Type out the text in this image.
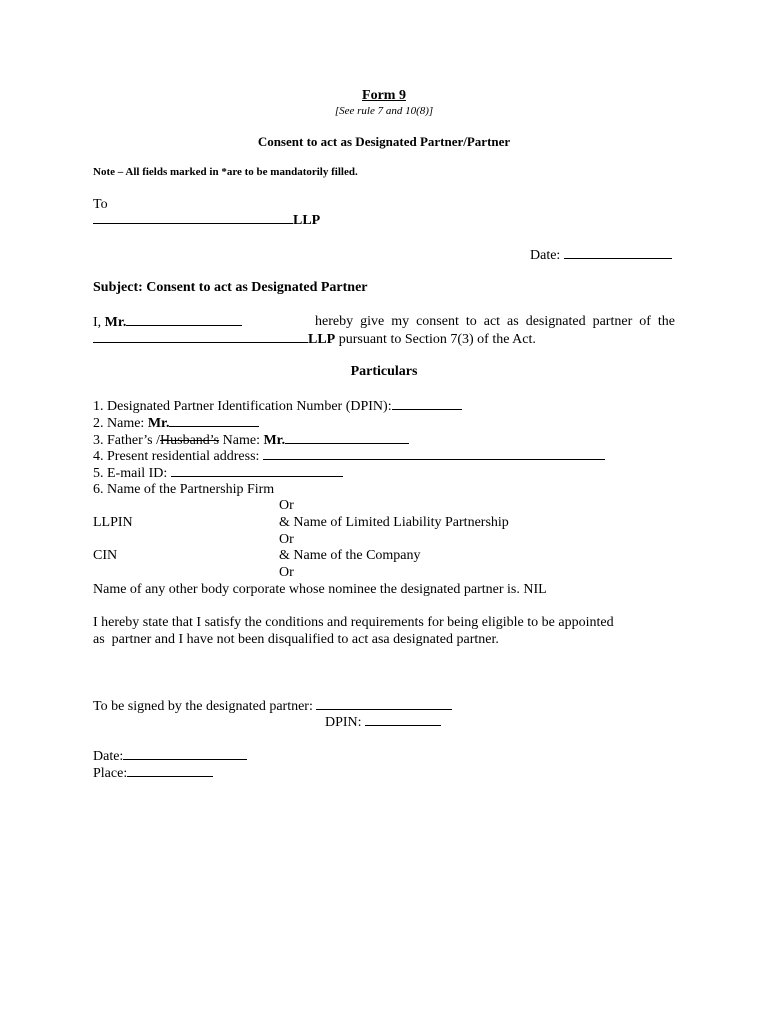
Form 9
[See rule 7 and 10(8)]
Consent to act as Designated Partner/Partner
Note – All fields marked in *are to be mandatorily filled.
To
LLP
Date:
Subject: Consent to act as Designated Partner
I, Mr.	hereby  give  my  consent  to  act  as  designated  partner  of  the
LLP pursuant to Section 7(3) of the Act.
Particulars
1. Designated Partner Identification Number (DPIN):
2. Name: Mr.
3. Father’s /Husband’s Name: Mr.
4. Present residential address:
5. E-mail ID:
6. Name of the Partnership Firm
Or
LLPIN	& Name of Limited Liability Partnership
Or
CIN	& Name of the Company
Or
Name of any other body corporate whose nominee the designated partner is. NIL
I hereby state that I satisfy the conditions and requirements for being eligible to be appointed
as  partner and I have not been disqualified to act asa designated partner.
To be signed by the designated partner:
DPIN:
Date:
Place:
